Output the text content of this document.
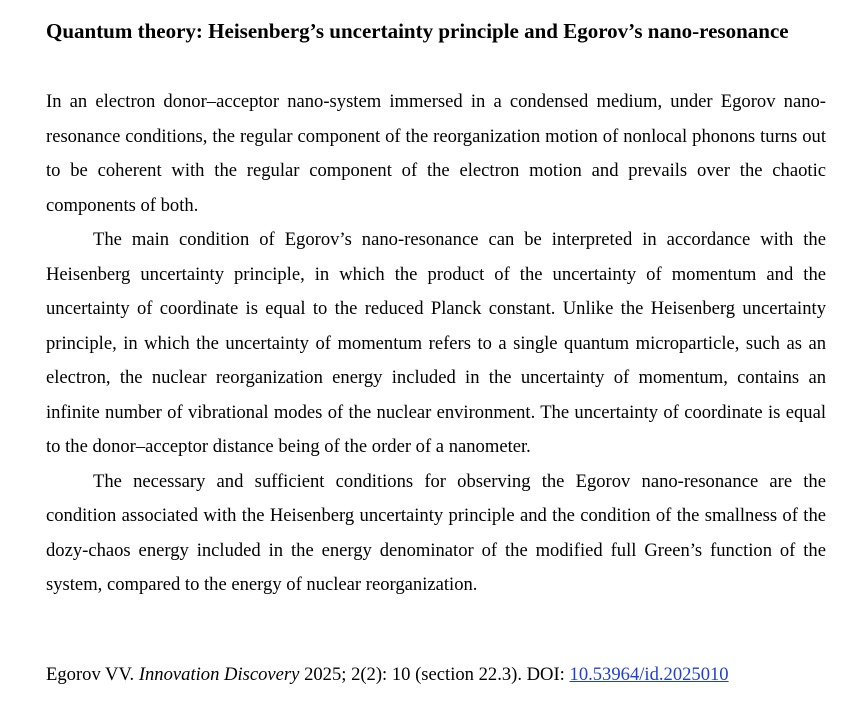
Quantum theory: Heisenberg’s uncertainty principle and Egorov’s nano-resonance

In an electron donor–acceptor nano-system immersed in a condensed medium, under Egorov nano-resonance conditions, the regular component of the reorganization motion of nonlocal phonons turns out to be coherent with the regular component of the electron motion and prevails over the chaotic components of both.

The main condition of Egorov’s nano-resonance can be interpreted in accordance with the Heisenberg uncertainty principle, in which the product of the uncertainty of momentum and the uncertainty of coordinate is equal to the reduced Planck constant. Unlike the Heisenberg uncertainty principle, in which the uncertainty of momentum refers to a single quantum microparticle, such as an electron, the nuclear reorganization energy included in the uncertainty of momentum, contains an infinite number of vibrational modes of the nuclear environment. The uncertainty of coordinate is equal to the donor–acceptor distance being of the order of a nanometer.

The necessary and sufficient conditions for observing the Egorov nano-resonance are the condition associated with the Heisenberg uncertainty principle and the condition of the smallness of the dozy-chaos energy included in the energy denominator of the modified full Green’s function of the system, compared to the energy of nuclear reorganization.

Egorov VV. Innovation Discovery 2025; 2(2): 10 (section 22.3). DOI: 10.53964/id.2025010
